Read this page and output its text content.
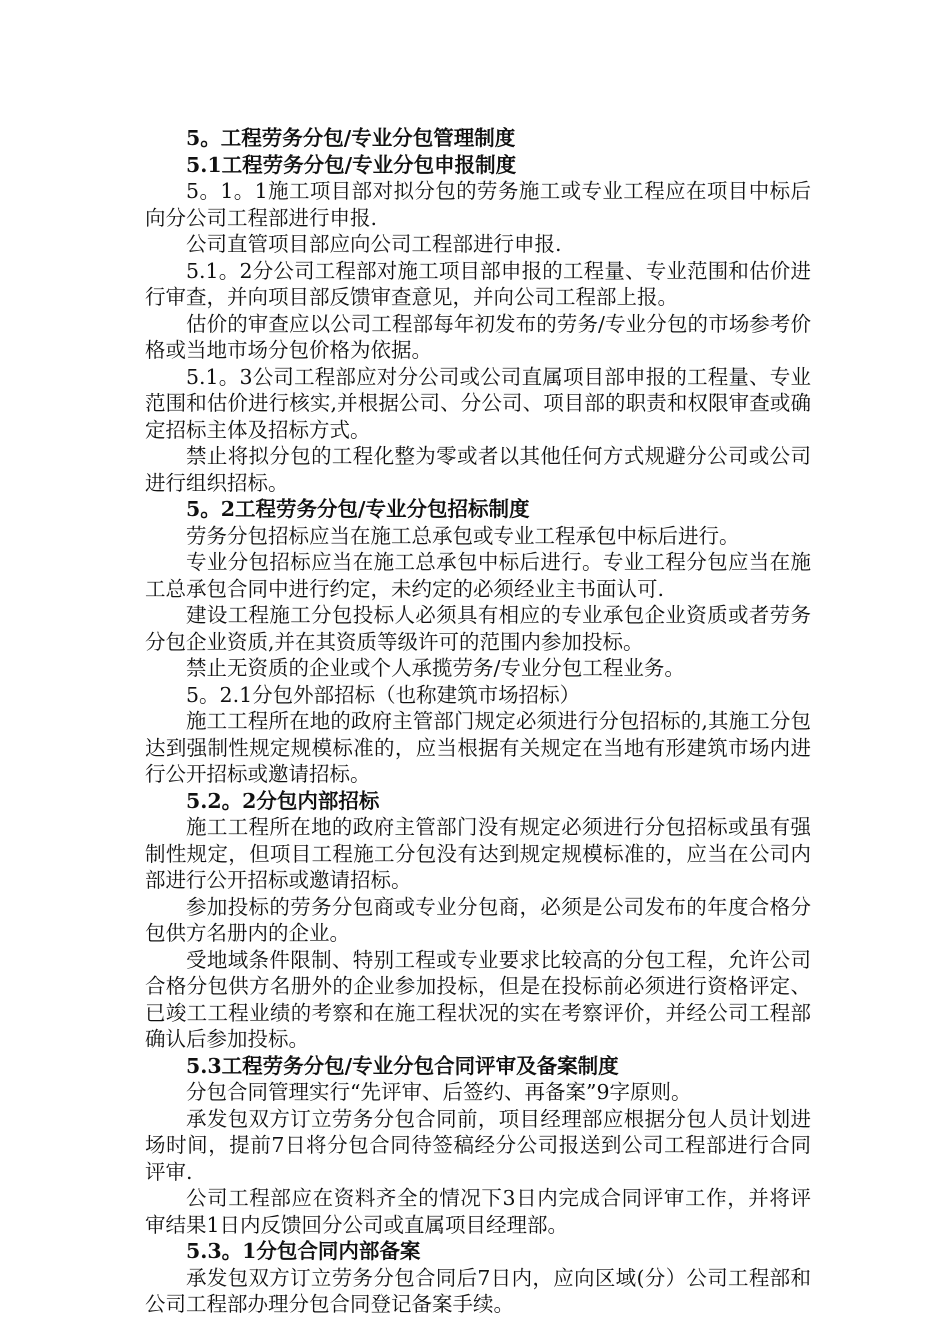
5。工程劳务分包/专业分包管理制度

5.1工程劳务分包/专业分包申报制度

5。1。1施工项目部对拟分包的劳务施工或专业工程应在项目中标后向分公司工程部进行申报.

公司直管项目部应向公司工程部进行申报.

5.1。2分公司工程部对施工项目部申报的工程量、专业范围和估价进行审查，并向项目部反馈审查意见，并向公司工程部上报。

估价的审查应以公司工程部每年初发布的劳务/专业分包的市场参考价格或当地市场分包价格为依据。

5.1。3公司工程部应对分公司或公司直属项目部申报的工程量、专业范围和估价进行核实,并根据公司、分公司、项目部的职责和权限审查或确定招标主体及招标方式。

禁止将拟分包的工程化整为零或者以其他任何方式规避分公司或公司进行组织招标。

5。2工程劳务分包/专业分包招标制度

劳务分包招标应当在施工总承包或专业工程承包中标后进行。

专业分包招标应当在施工总承包中标后进行。专业工程分包应当在施工总承包合同中进行约定，未约定的必须经业主书面认可.

建设工程施工分包投标人必须具有相应的专业承包企业资质或者劳务分包企业资质,并在其资质等级许可的范围内参加投标。

禁止无资质的企业或个人承揽劳务/专业分包工程业务。

5。2.1分包外部招标（也称建筑市场招标）

施工工程所在地的政府主管部门规定必须进行分包招标的,其施工分包达到强制性规定规模标准的，应当根据有关规定在当地有形建筑市场内进行公开招标或邀请招标。

5.2。2分包内部招标

施工工程所在地的政府主管部门没有规定必须进行分包招标或虽有强制性规定，但项目工程施工分包没有达到规定规模标准的，应当在公司内部进行公开招标或邀请招标。

参加投标的劳务分包商或专业分包商，必须是公司发布的年度合格分包供方名册内的企业。

受地域条件限制、特别工程或专业要求比较高的分包工程，允许公司合格分包供方名册外的企业参加投标，但是在投标前必须进行资格评定、已竣工工程业绩的考察和在施工程状况的实在考察评价，并经公司工程部确认后参加投标。

5.3工程劳务分包/专业分包合同评审及备案制度

分包合同管理实行“先评审、后签约、再备案”9字原则。

承发包双方订立劳务分包合同前，项目经理部应根据分包人员计划进场时间，提前7日将分包合同待签稿经分公司报送到公司工程部进行合同评审.

公司工程部应在资料齐全的情况下3日内完成合同评审工作，并将评审结果1日内反馈回分公司或直属项目经理部。

5.3。1分包合同内部备案

承发包双方订立劳务分包合同后7日内，应向区域(分）公司工程部和公司工程部办理分包合同登记备案手续。
